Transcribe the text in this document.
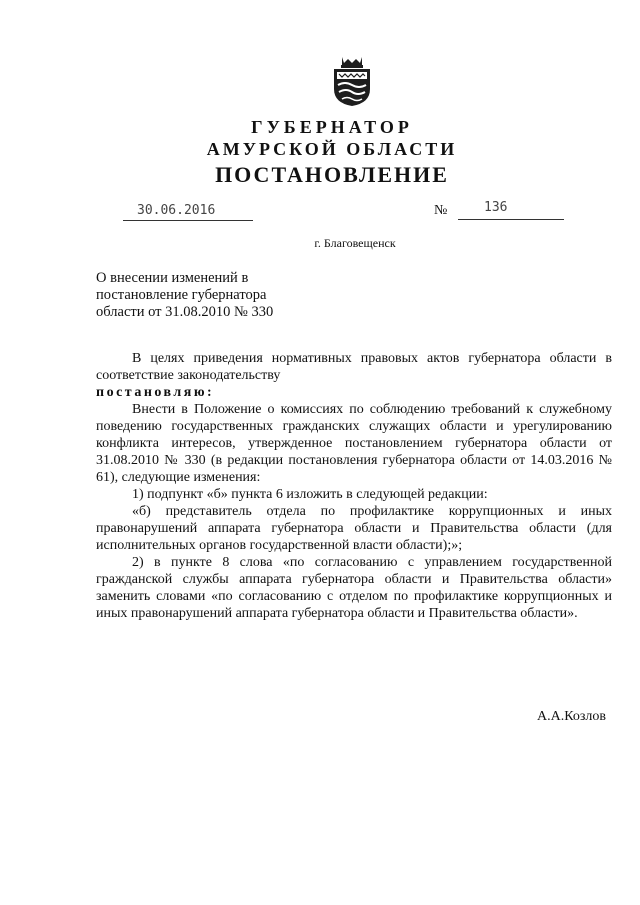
ГУБЕРНАТОР
АМУРСКОЙ ОБЛАСТИ
ПОСТАНОВЛЕНИЕ
30.06.2016	№	136
г. Благовещенск
О внесении изменений в
постановление губернатора
области от 31.08.2010 № 330

В целях приведения нормативных правовых актов губернатора области в

соответствие законодательству

постановляю:

Внести в Положение о комиссиях по соблюдению требований к служебному поведению государственных гражданских служащих области и урегулированию конфликта интересов, утвержденное постановлением губернатора области от 31.08.2010 № 330 (в редакции постановления губернатора области от 14.03.2016 № 61), следующие изменения:

1) подпункт «б» пункта 6 изложить в следующей редакции:

«б) представитель отдела по профилактике коррупционных и иных правонарушений аппарата губернатора области и Правительства области (для исполнительных органов государственной власти области);»;

2) в пункте 8 слова «по согласованию с управлением государственной гражданской службы аппарата губернатора области и Правительства области» заменить словами «по согласованию с отделом по профилактике коррупционных и иных правонарушений аппарата губернатора области и Правительства области».

А.А.Козлов
